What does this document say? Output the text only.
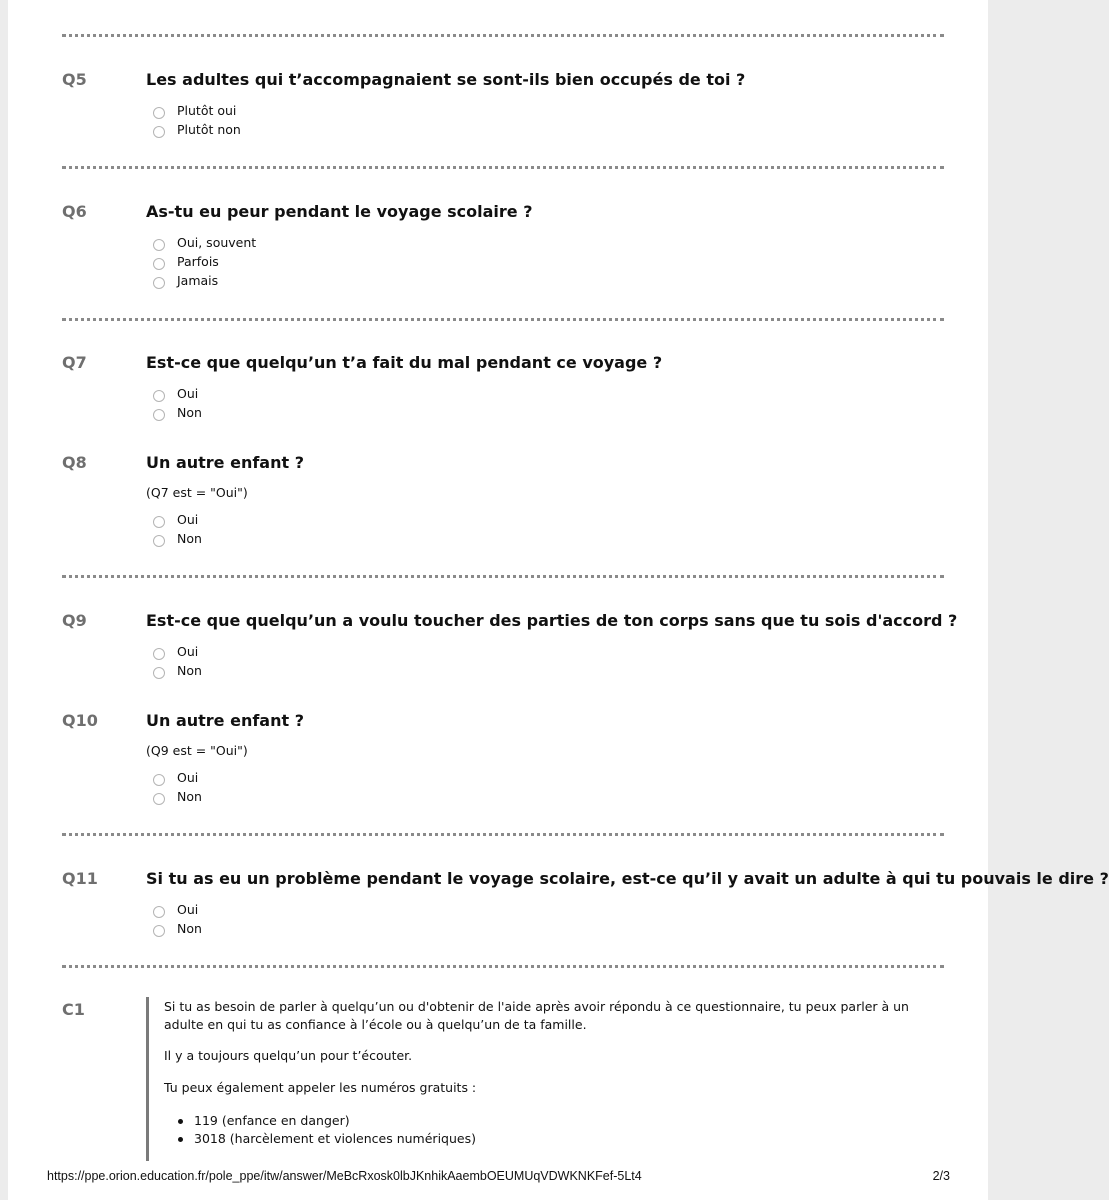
Q5	Les adultes qui t’accompagnaient se sont-ils bien occupés de toi ?
Plutôt oui
Plutôt non
Q6	As-tu eu peur pendant le voyage scolaire ?
Oui, souvent
Parfois
Jamais
Q7	Est-ce que quelqu’un t’a fait du mal pendant ce voyage ?
Oui
Non
Q8	Un autre enfant ?
(Q7 est = "Oui")
Oui
Non
Q9	Est-ce que quelqu’un a voulu toucher des parties de ton corps sans que tu sois d'accord ?
Oui
Non
Q10	Un autre enfant ?
(Q9 est = "Oui")
Oui
Non
Q11	Si tu as eu un problème pendant le voyage scolaire, est-ce qu’il y avait un adulte à qui tu pouvais le dire ?
Oui
Non
C1	Si tu as besoin de parler à quelqu’un ou d'obtenir de l'aide après avoir répondu à ce questionnaire, tu peux parler à un adulte en qui tu as confiance à l’école ou à quelqu’un de ta famille.

Il y a toujours quelqu’un pour t’écouter.

Tu peux également appeler les numéros gratuits :

119 (enfance en danger)
3018 (harcèlement et violences numériques)
https://ppe.orion.education.fr/pole_ppe/itw/answer/MeBcRxosk0lbJKnhikAaembOEUMUqVDWKNKFef-5Lt4	2/3
